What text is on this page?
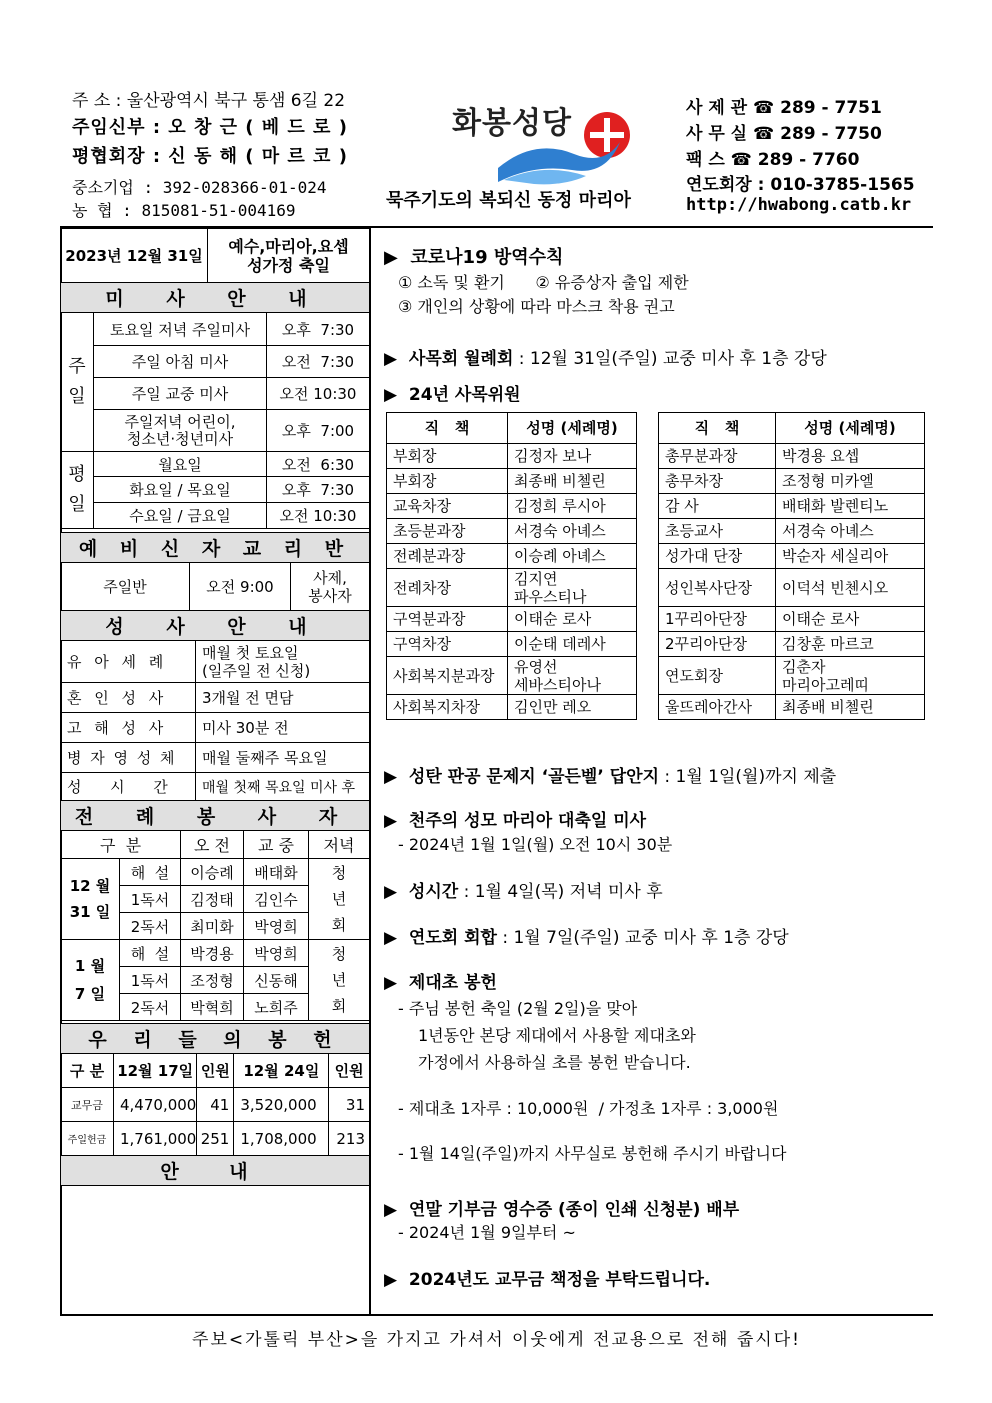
주 소 : 울산광역시 북구 통샘 6길 22
주임신부 : 오 창 근 ( 베 드 로 )
평협회장 : 신 동 해 ( 마 르 코 )
중소기업 : 392-028366-01-024
농 협 : 815081-51-004169
화봉성당
묵주기도의 복되신 동정 마리아
사 제 관 ☎ 289 - 7751
사 무 실 ☎ 289 - 7750
팩 스 ☎ 289 - 7760
연도회장 : 010-3785-1565
http://hwabong.catb.kr
2023년 12월 31일	예수,마리아,요셉
성가정 축일
미 사 안 내		
주
일	토요일 저녁 주일미사	오후  7:30
	주일 아침 미사	오전  7:30
	주일 교중 미사	오전 10:30
	주일저녁 어린이,
청소년·청년미사	오후  7:00
평
일	월요일	오전  6:30
	화요일 / 목요일	오후  7:30
	수요일 / 금요일	오전 10:30
예 비 신 자 교 리 반
주일반	오전 9:00	사제,
봉사자
성 사 안 내	
유 아 세 례	매월 첫 토요일
(일주일 전 신청)
혼 인 성 사	3개월 전 면담
고 해 성 사	미사 30분 전
병 자 영 성 체	매월 둘째주 목요일
성      시      간	매월 첫째 목요일 미사 후
전 례 봉 사 자				
구  분		오 전	교 중	저녁
12 월
31 일	해  설	이승례	배태화	청
년
회
	1독서	김정태	김인수	
	2독서	최미화	박영희	
1 월
7 일	해  설	박경용	박영희	청
년
회
	1독서	조정형	신동해	
	2독서	박혁희	노희주	
우 리 들 의 봉 헌				
구 분	12월 17일	인원	12월 24일	인원
교무금	4,470,000	41	3,520,000	31
주일헌금	1,761,000	251	1,708,000	213
안 내				
▶  코로나19 방역수칙
① 소독 및 환기      ② 유증상자 출입 제한
③ 개인의 상황에 따라 마스크 착용 권고
▶  사목회 월례회 : 12월 31일(주일) 교중 미사 후 1층 강당
▶  24년 사목위원
직   책	성명 (세례명)
부회장	김정자 보나
부회장	최종배 비첼린
교육차장	김정희 루시아
초등분과장	서경숙 아녜스
전례분과장	이승례 아녜스
전례차장	김지연
파우스티나
구역분과장	이태순 로사
구역차장	이순태 데레사
사회복지분과장	유영선
세바스티아나
사회복지차장	김인만 레오
직   책	성명 (세례명)
총무분과장	박경용 요셉
총무차장	조정형 미카엘
감 사	배태화 발렌티노
초등교사	서경숙 아녜스
성가대 단장	박순자 세실리아
성인복사단장	이덕석 빈첸시오
1꾸리아단장	이태순 로사
2꾸리아단장	김창훈 마르코
연도회장	김춘자
마리아고레띠
울뜨레아간사	최종배 비첼린
▶  성탄 판공 문제지 ‘골든벨’ 답안지 : 1월 1일(월)까지 제출
▶  천주의 성모 마리아 대축일 미사
- 2024년 1월 1일(월) 오전 10시 30분
▶  성시간 : 1월 4일(목) 저녁 미사 후
▶  연도회 회합 : 1월 7일(주일) 교중 미사 후 1층 강당
▶  제대초 봉헌
- 주님 봉헌 축일 (2월 2일)을 맞아
1년동안 본당 제대에서 사용할 제대초와
가정에서 사용하실 초를 봉헌 받습니다.
- 제대초 1자루 : 10,000원  / 가정초 1자루 : 3,000원
- 1월 14일(주일)까지 사무실로 봉헌해 주시기 바랍니다
▶  연말 기부금 영수증 (종이 인쇄 신청분) 배부
- 2024년 1월 9일부터 ~
▶  2024년도 교무금 책정을 부탁드립니다.
주보<가톨릭 부산>을 가지고 가셔서 이웃에게 전교용으로 전해 줍시다!
